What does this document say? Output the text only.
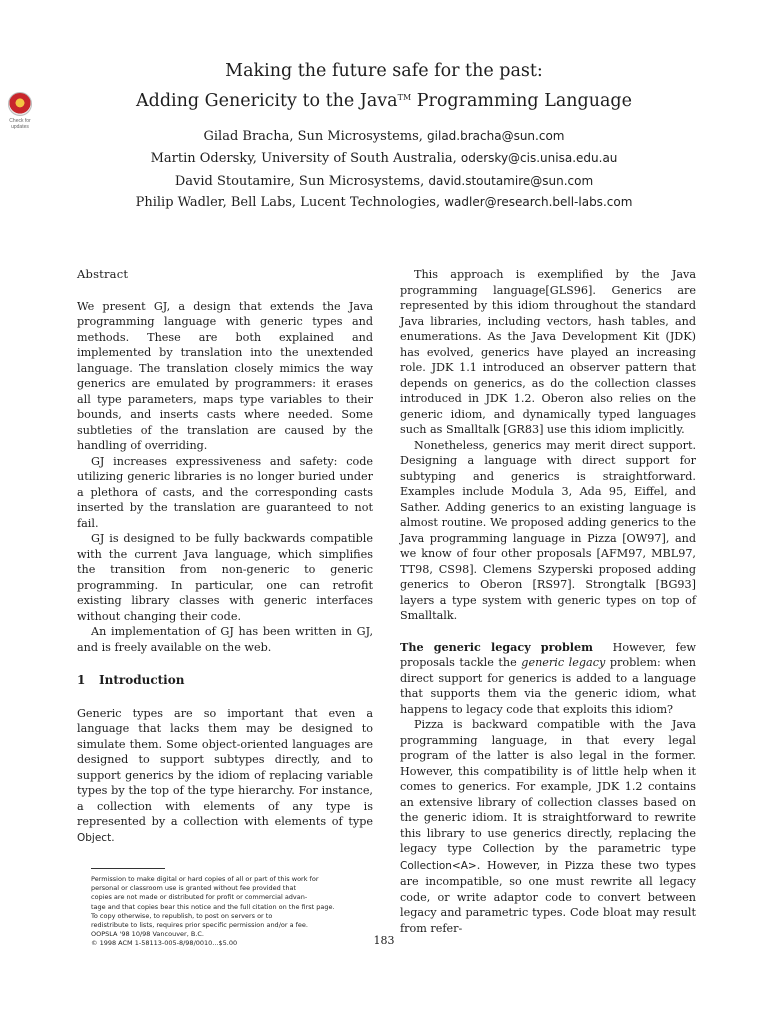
Check for updates
Making the future safe for the past:
Adding Genericity to the Java™ Programming Language
Gilad Bracha, Sun Microsystems, gilad.bracha@sun.com
Martin Odersky, University of South Australia, odersky@cis.unisa.edu.au
David Stoutamire, Sun Microsystems, david.stoutamire@sun.com
Philip Wadler, Bell Labs, Lucent Technologies, wadler@research.bell-labs.com
Abstract

We present GJ, a design that extends the Java programming language with generic types and methods. These are both explained and implemented by translation into the unextended language. The translation closely mimics the way generics are emulated by programmers: it erases all type parameters, maps type variables to their bounds, and inserts casts where needed. Some subtleties of the translation are caused by the handling of overriding.

GJ increases expressiveness and safety: code utilizing generic libraries is no longer buried under a plethora of casts, and the corresponding casts inserted by the translation are guaranteed to not fail.

GJ is designed to be fully backwards compatible with the current Java language, which simplifies the transition from non-generic to generic programming. In particular, one can retrofit existing library classes with generic interfaces without changing their code.

An implementation of GJ has been written in GJ, and is freely available on the web.

1 Introduction

Generic types are so important that even a language that lacks them may be designed to simulate them. Some object-oriented languages are designed to support subtypes directly, and to support generics by the idiom of replacing variable types by the top of the type hierarchy. For instance, a collection with elements of any type is represented by a collection with elements of type Object.

Permission to make digital or hard copies of all or part of this work for
personal or classroom use is granted without fee provided that
copies are not made or distributed for profit or commercial advan-
tage and that copies bear this notice and the full citation on the first page.
To copy otherwise, to republish, to post on servers or to
redistribute to lists, requires prior specific permission and/or a fee.
OOPSLA '98 10/98 Vancouver, B.C.
© 1998 ACM 1-58113-005-8/98/0010...$5.00

This approach is exemplified by the Java programming language[GLS96]. Generics are represented by this idiom throughout the standard Java libraries, including vectors, hash tables, and enumerations. As the Java Development Kit (JDK) has evolved, generics have played an increasing role. JDK 1.1 introduced an observer pattern that depends on generics, as do the collection classes introduced in JDK 1.2. Oberon also relies on the generic idiom, and dynamically typed languages such as Smalltalk [GR83] use this idiom implicitly.

Nonetheless, generics may merit direct support. Designing a language with direct support for subtyping and generics is straightforward. Examples include Modula 3, Ada 95, Eiffel, and Sather. Adding generics to an existing language is almost routine. We proposed adding generics to the Java programming language in Pizza [OW97], and we know of four other proposals [AFM97, MBL97, TT98, CS98]. Clemens Szyperski proposed adding generics to Oberon [RS97]. Strongtalk [BG93] layers a type system with generic types on top of Smalltalk.

The generic legacy problem However, few proposals tackle the generic legacy problem: when direct support for generics is added to a language that supports them via the generic idiom, what happens to legacy code that exploits this idiom?

Pizza is backward compatible with the Java programming language, in that every legal program of the latter is also legal in the former. However, this compatibility is of little help when it comes to generics. For example, JDK 1.2 contains an extensive library of collection classes based on the generic idiom. It is straightforward to rewrite this library to use generics directly, replacing the legacy type Collection by the parametric type Collection<A>. However, in Pizza these two types are incompatible, so one must rewrite all legacy code, or write adaptor code to convert between legacy and parametric types. Code bloat may result from refer-

183
